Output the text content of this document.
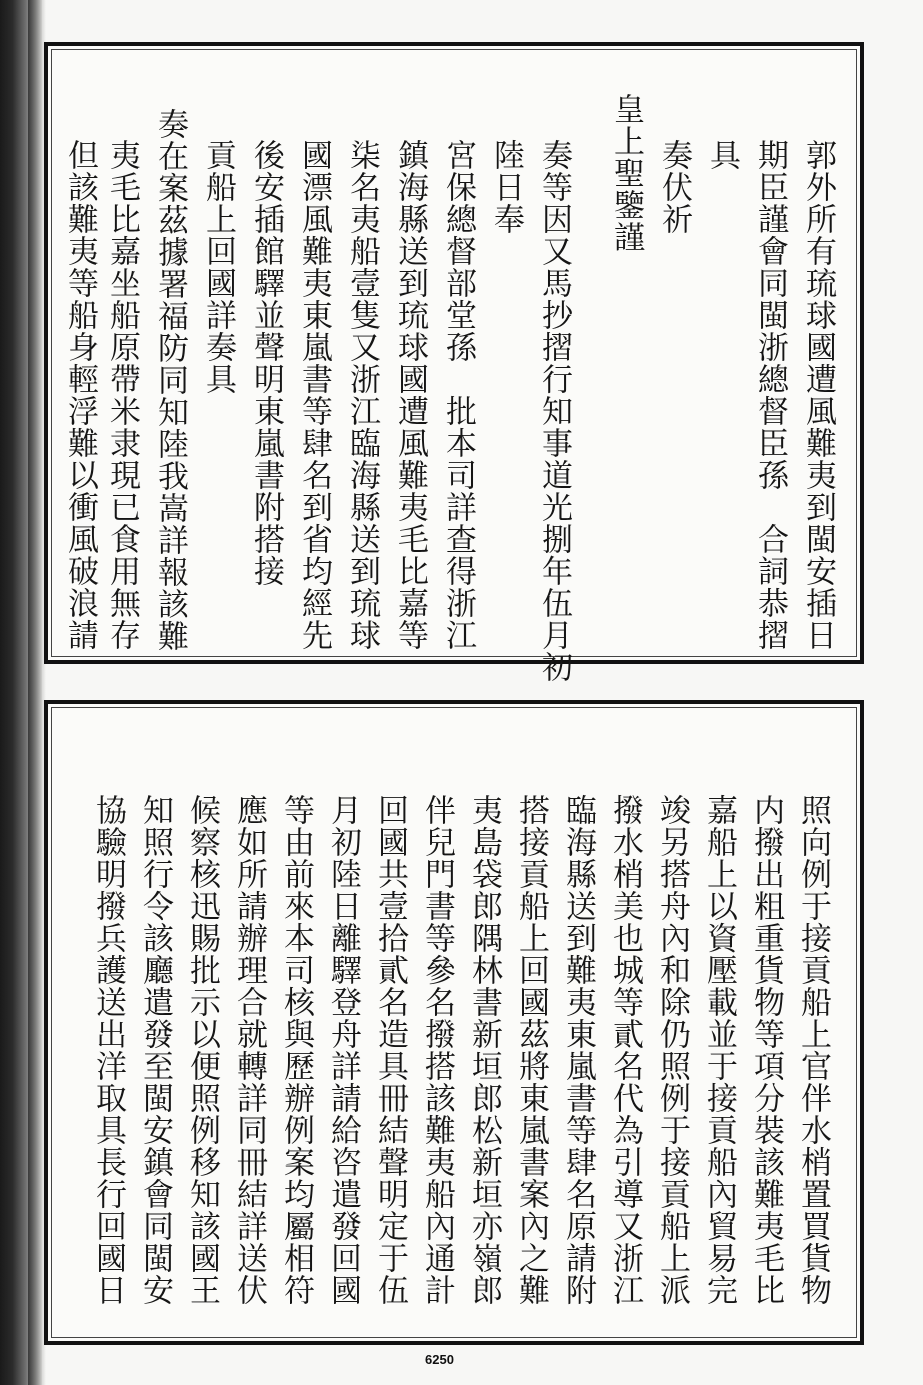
郭外所有琉球國遭風難夷到閩安插日
期臣謹會同閩浙總督臣孫　合詞恭摺
具
奏伏祈
皇上聖鑒謹
奏等因又馬抄摺行知事道光捌年伍月初
陸日奉
宮保總督部堂孫　批本司詳查得浙江
鎮海縣送到琉球國遭風難夷毛比嘉等
柒名夷船壹隻又浙江臨海縣送到琉球
國漂風難夷東嵐書等肆名到省均經先
後安插館驛並聲明東嵐書附搭接
貢船上回國詳奏具
奏在案茲據署福防同知陸我嵩詳報該難
夷毛比嘉坐船原帶米隶現已食用無存
但該難夷等船身輕浮難以衝風破浪請
照向例于接貢船上官伴水梢置買貨物
内撥出粗重貨物等項分裝該難夷毛比
嘉船上以資壓載並于接貢船內貿易完
竣另搭舟內和除仍照例于接貢船上派
撥水梢美也城等貳名代為引導又浙江
臨海縣送到難夷東嵐書等肆名原請附
搭接貢船上回國茲將東嵐書案內之難
夷島袋郎隅林書新垣郎松新垣亦嶺郎
伴兒門書等參名撥搭該難夷船內通計
回國共壹拾貳名造具冊結聲明定于伍
月初陸日離驛登舟詳請給咨遣發回國
等由前來本司核與歷辦例案均屬相符
應如所請辦理合就轉詳同冊結詳送伏
候察核迅賜批示以便照例移知該國王
知照行令該廳遣發至閩安鎮會同閩安
協驗明撥兵護送出洋取具長行回國日
6250
